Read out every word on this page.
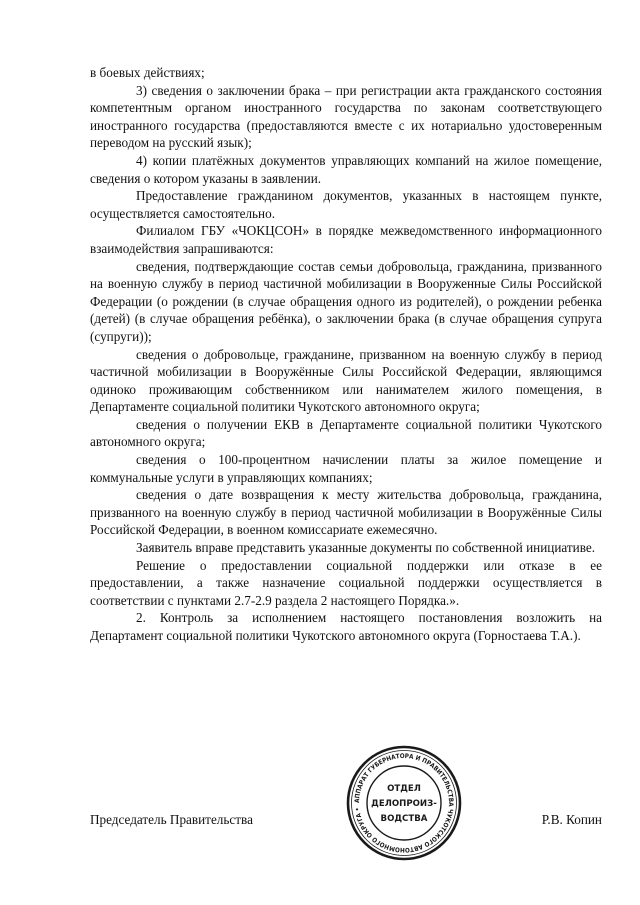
в боевых действиях;

3) сведения о заключении брака – при регистрации акта гражданского состояния компетентным органом иностранного государства по законам соответствующего иностранного государства (предоставляются вместе с их нотариально удостоверенным переводом на русский язык);

4) копии платёжных документов управляющих компаний на жилое помещение, сведения о котором указаны в заявлении.

Предоставление гражданином документов, указанных в настоящем пункте, осуществляется самостоятельно.

Филиалом ГБУ «ЧОКЦСОН» в порядке межведомственного информационного взаимодействия запрашиваются:

сведения, подтверждающие состав семьи добровольца, гражданина, призванного на военную службу в период частичной мобилизации в Вооруженные Силы Российской Федерации (о рождении (в случае обращения одного из родителей), о рождении ребенка (детей) (в случае обращения ребёнка), о заключении брака (в случае обращения супруга (супруги));

сведения о добровольце, гражданине, призванном на военную службу в период частичной мобилизации в Вооружённые Силы Российской Федерации, являющимся одиноко проживающим собственником или нанимателем жилого помещения, в Департаменте социальной политики Чукотского автономного округа;

сведения о получении ЕКВ в Департаменте социальной политики Чукотского автономного округа;

сведения о 100-процентном начислении платы за жилое помещение и коммунальные услуги в управляющих компаниях;

сведения о дате возвращения к месту жительства добровольца, гражданина, призванного на военную службу в период частичной мобилизации в Вооружённые Силы Российской Федерации, в военном комиссариате ежемесячно.

Заявитель вправе представить указанные документы по собственной инициативе.

Решение о предоставлении социальной поддержки или отказе в ее предоставлении, а также назначение социальной поддержки осуществляется в соответствии с пунктами 2.7-2.9 раздела 2 настоящего Порядка.».

2. Контроль за исполнением настоящего постановления возложить на Департамент социальной политики Чукотского автономного округа (Горностаева Т.А.).

Председатель Правительства	Р.В. Копин
АППАРАТ ГУБЕРНАТОРА И ПРАВИТЕЛЬСТВА ЧУКОТСКОГО АВТОНОМНОГО ОКРУГА •
ОТДЕЛ
ДЕЛОПРОИЗ-
ВОДСТВА
